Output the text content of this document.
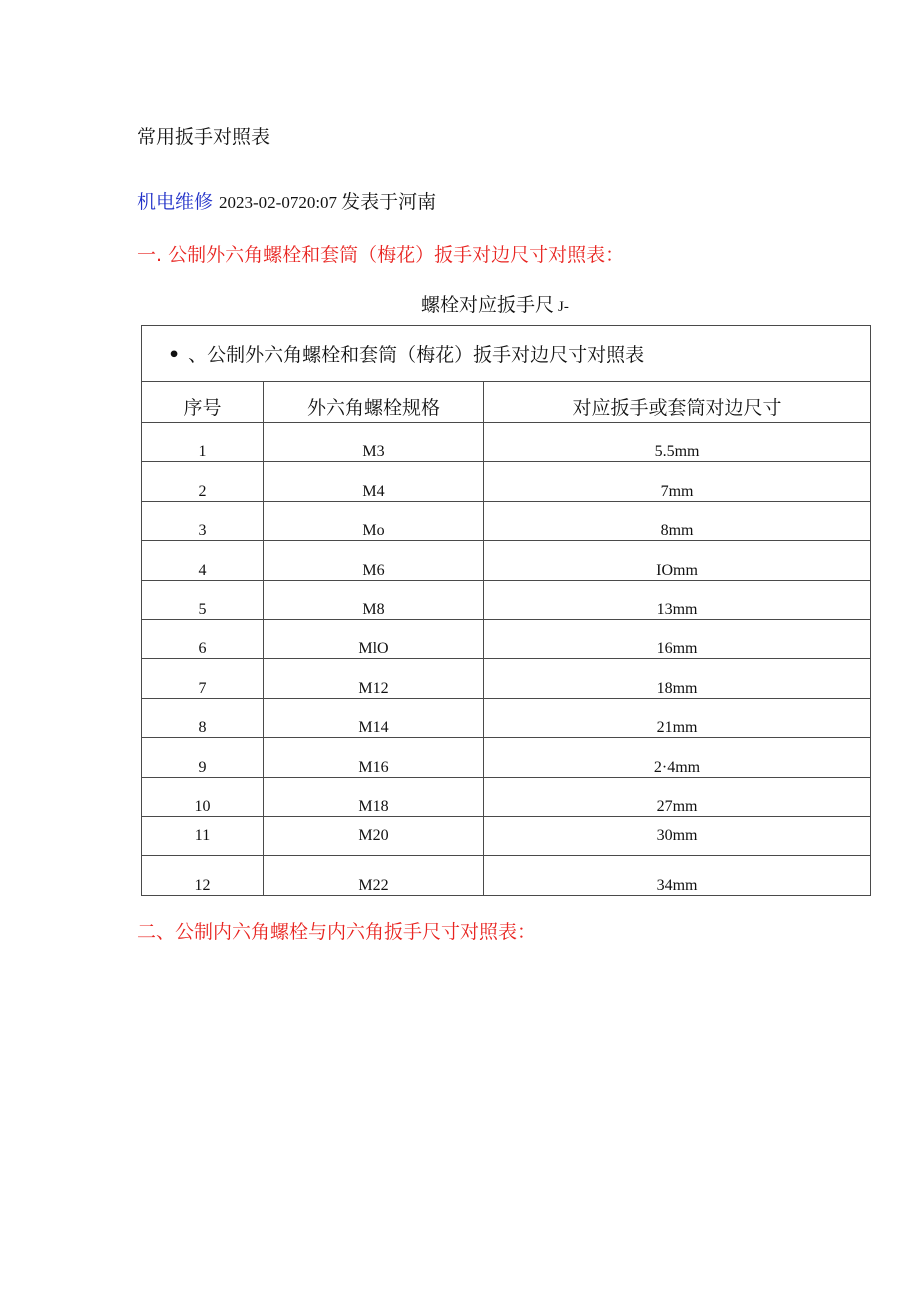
常用扳手对照表
机电维修 2023-02-0720:07 发表于河南
一. 公制外六角螺栓和套筒（梅花）扳手对边尺寸对照表：
螺栓对应扳手尺 J-
• 、公制外六角螺栓和套筒（梅花）扳手对边尺寸对照表		
序号	外六角螺栓规格	对应扳手或套筒对边尺寸
1	M3	5.5mm
2	M4	7mm
3	Mo	8mm
4	M6	IOmm
5	M8	13mm
6	MlO	16mm
7	M12	18mm
8	M14	21mm
9	M16	2·4mm
10	M18	27mm
11	M20	30mm
12	M22	34mm
二、公制内六角螺栓与内六角扳手尺寸对照表：
